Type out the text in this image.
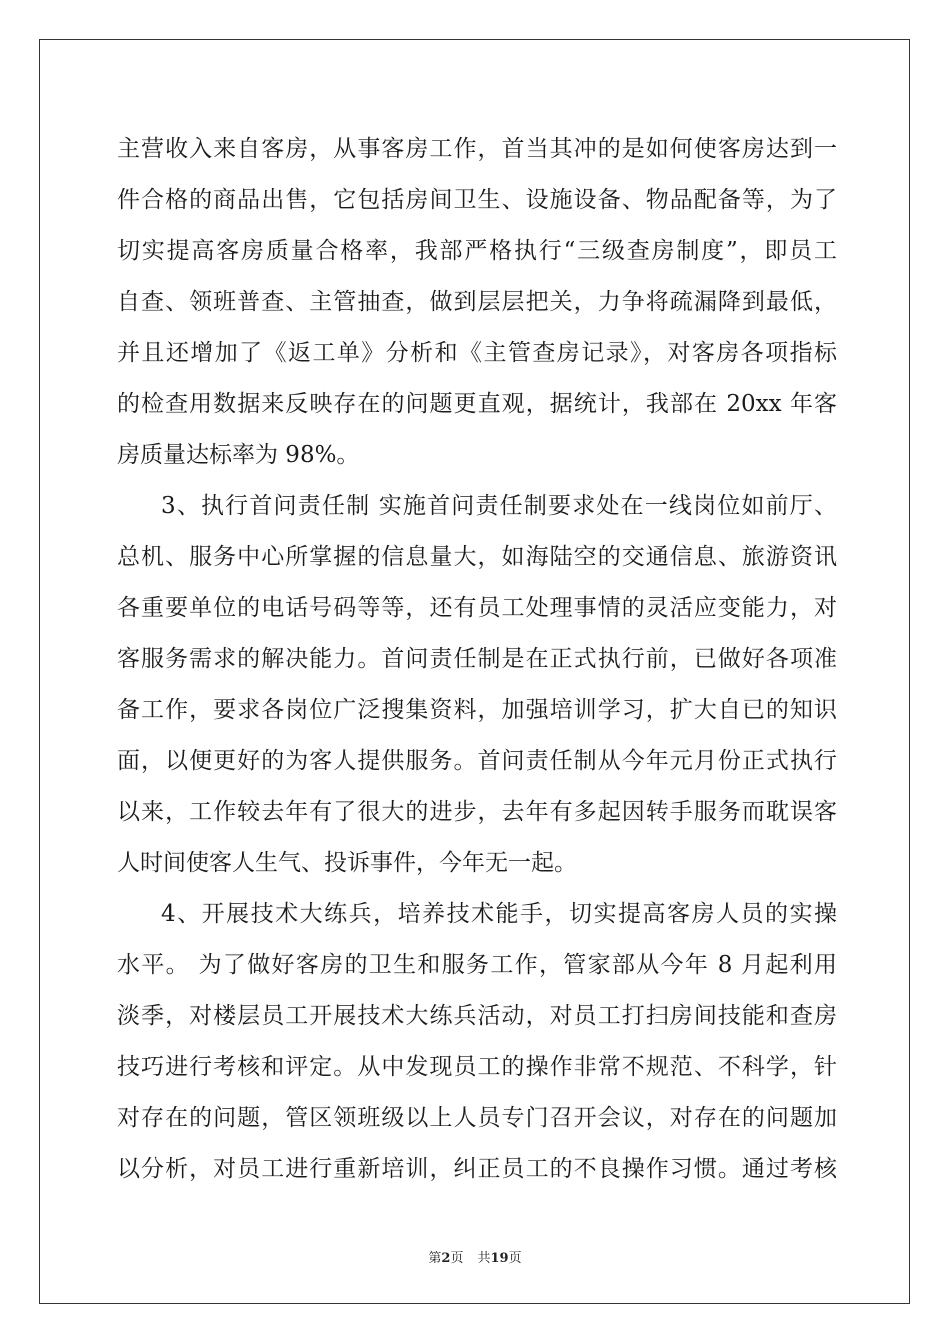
主营收入来自客房，从事客房工作，首当其冲的是如何使客房达到一
件合格的商品出售，它包括房间卫生、设施设备、物品配备等，为了
切实提高客房质量合格率，我部严格执行“三级查房制度”，即员工
自查、领班普查、主管抽查，做到层层把关，力争将疏漏降到最低，
并且还增加了《返工单》分析和《主管查房记录》，对客房各项指标
的检查用数据来反映存在的问题更直观，据统计，我部在 20xx 年客
房质量达标率为 98%。
3、执行首问责任制 实施首问责任制要求处在一线岗位如前厅、
总机、服务中心所掌握的信息量大，如海陆空的交通信息、旅游资讯
各重要单位的电话号码等等，还有员工处理事情的灵活应变能力，对
客服务需求的解决能力。首问责任制是在正式执行前，已做好各项准
备工作，要求各岗位广泛搜集资料，加强培训学习，扩大自已的知识
面，以便更好的为客人提供服务。首问责任制从今年元月份正式执行
以来，工作较去年有了很大的进步，去年有多起因转手服务而耽误客
人时间使客人生气、投诉事件，今年无一起。
4、开展技术大练兵，培养技术能手，切实提高客房人员的实操
水平。 为了做好客房的卫生和服务工作，管家部从今年 8 月起利用
淡季，对楼层员工开展技术大练兵活动，对员工打扫房间技能和查房
技巧进行考核和评定。从中发现员工的操作非常不规范、不科学，针
对存在的问题，管区领班级以上人员专门召开会议，对存在的问题加
以分析，对员工进行重新培训，纠正员工的不良操作习惯。通过考核
第2页 共19页
